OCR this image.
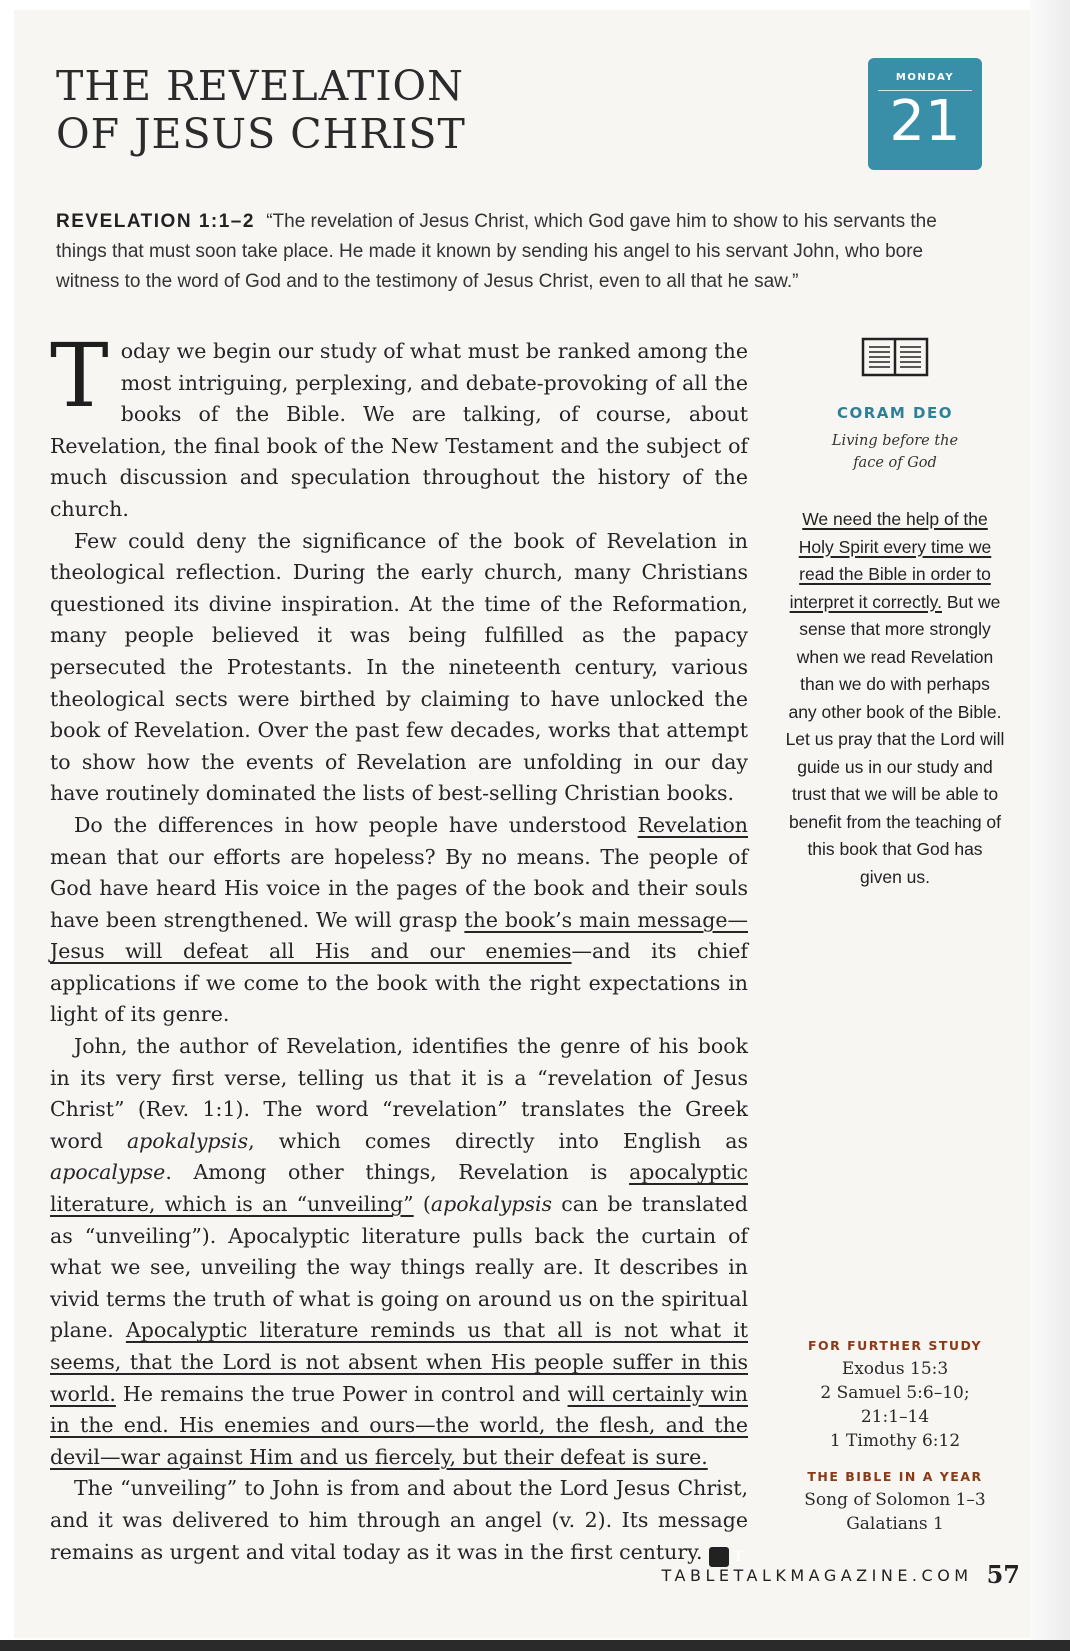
THE REVELATION
OF JESUS CHRIST
MONDAY
21
REVELATION 1:1–2 “The revelation of Jesus Christ, which God gave him to show to his servants the things that must soon take place. He made it known by sending his angel to his servant John, who bore witness to the word of God and to the testimony of Jesus Christ, even to all that he saw.”

Today we begin our study of what must be ranked among the most intriguing, perplexing, and debate-provoking of all the books of the Bible. We are talking, of course, about Revelation, the final book of the New Testament and the subject of much discussion and speculation throughout the history of the church.

Few could deny the significance of the book of Revelation in theological reflection. During the early church, many Christians questioned its divine inspiration. At the time of the Reformation, many people believed it was being fulfilled as the papacy persecuted the Protestants. In the nineteenth century, various theological sects were birthed by claiming to have unlocked the book of Revelation. Over the past few decades, works that attempt to show how the events of Revelation are unfolding in our day have routinely dominated the lists of best-selling Christian books.

Do the differences in how people have understood Revelation mean that our efforts are hopeless? By no means. The people of God have heard His voice in the pages of the book and their souls have been strengthened. We will grasp the book’s main message—Jesus will defeat all His and our enemies—and its chief applications if we come to the book with the right expectations in light of its genre.

John, the author of Revelation, identifies the genre of his book in its very first verse, telling us that it is a “revelation of Jesus Christ” (Rev. 1:1). The word “revelation” translates the Greek word apokalypsis, which comes directly into English as apocalypse. Among other things, Revelation is apocalyptic literature, which is an “unveiling” (apokalypsis can be translated as “unveiling”). Apocalyptic literature pulls back the curtain of what we see, unveiling the way things really are. It describes in vivid terms the truth of what is going on around us on the spiritual plane. Apocalyptic literature reminds us that all is not what it seems, that the Lord is not absent when His people suffer in this world. He remains the true Power in control and will certainly win in the end. His enemies and ours—the world, the flesh, and the devil—war against Him and us fiercely, but their defeat is sure.

The “unveiling” to John is from and about the Lord Jesus Christ, and it was delivered to him through an angel (v. 2). Its message remains as urgent and vital today as it was in the first century. T

CORAM DEO
Living before the face of God
We need the help of the Holy Spirit every time we read the Bible in order to interpret it correctly. But we sense that more strongly when we read Revelation than we do with perhaps any other book of the Bible. Let us pray that the Lord will guide us in our study and trust that we will be able to benefit from the teaching of this book that God has given us.
FOR FURTHER STUDY
Exodus 15:3
2 Samuel 5:6–10;
21:1–14
1 Timothy 6:12
THE BIBLE IN A YEAR
Song of Solomon 1–3
Galatians 1
TABLETALKMAGAZINE.COM 57
